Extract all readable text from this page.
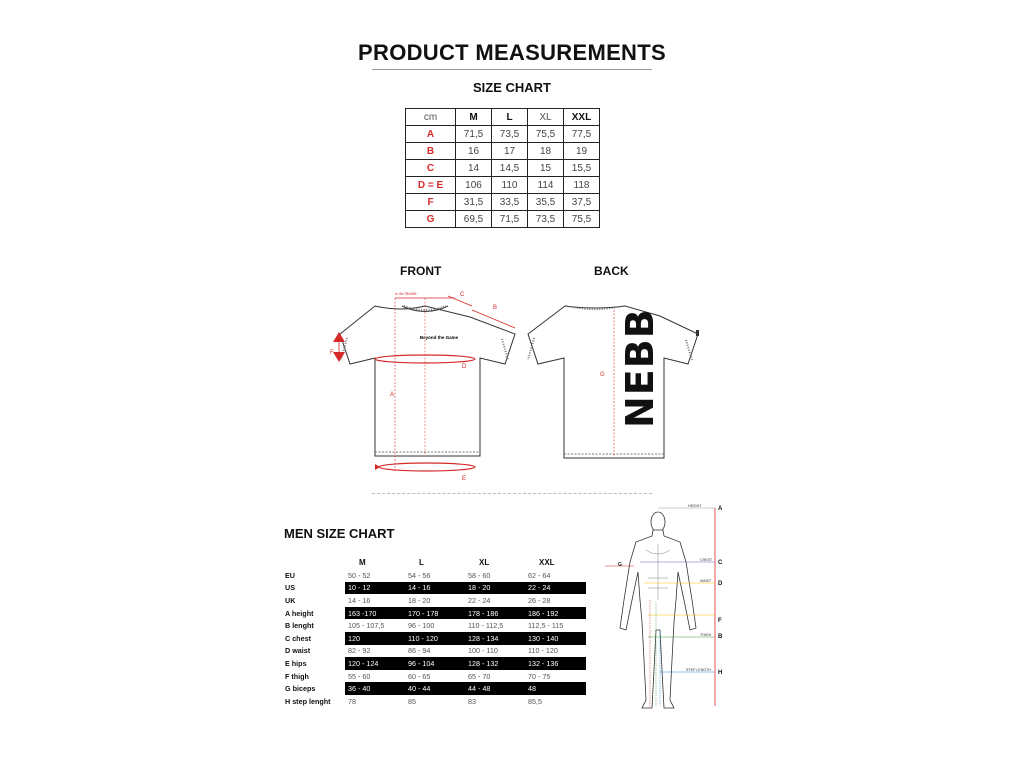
PRODUCT MEASUREMENTS
SIZE CHART
cm	M	L	XL	XXL
A	71,5	73,5	75,5	77,5
B	16	17	18	19
C	14	14,5	15	15,5
D = E	106	110	114	118
F	31,5	33,5	35,5	37,5
G	69,5	71,5	73,5	75,5
FRONT	BACK
Beyond the Game
to the Middle	C
B
F
D
A
E
G NEBB
MEN SIZE CHART
	M	L	XL	XXL
EU	50 - 52	54 - 56	58 - 60	62 - 64
US	10 - 12	14 - 16	18 - 20	22 - 24
UK	14 - 16	18 - 20	22 - 24	26 - 28
A height	163 -170	170 - 178	178 - 186	186 - 192
B lenght	105 - 107,5	96 - 100	110 - 112,5	112,5 - 115
C chest	120	110 - 120	128 - 134	130 - 140
D waist	82 - 92	86 - 94	100 - 110	110 - 120
E hips	120 - 124	96 - 104	128 - 132	132 - 136
F thigh	55 - 60	60 - 65	65 - 70	70 - 75
G biceps	36 - 40	40 - 44	44 - 48	48
H step lenght	78	85	83	85,5
HEIGHT	A
CHEST C
WAIST D
F
THIGH B
STEP LENGTH H
G
